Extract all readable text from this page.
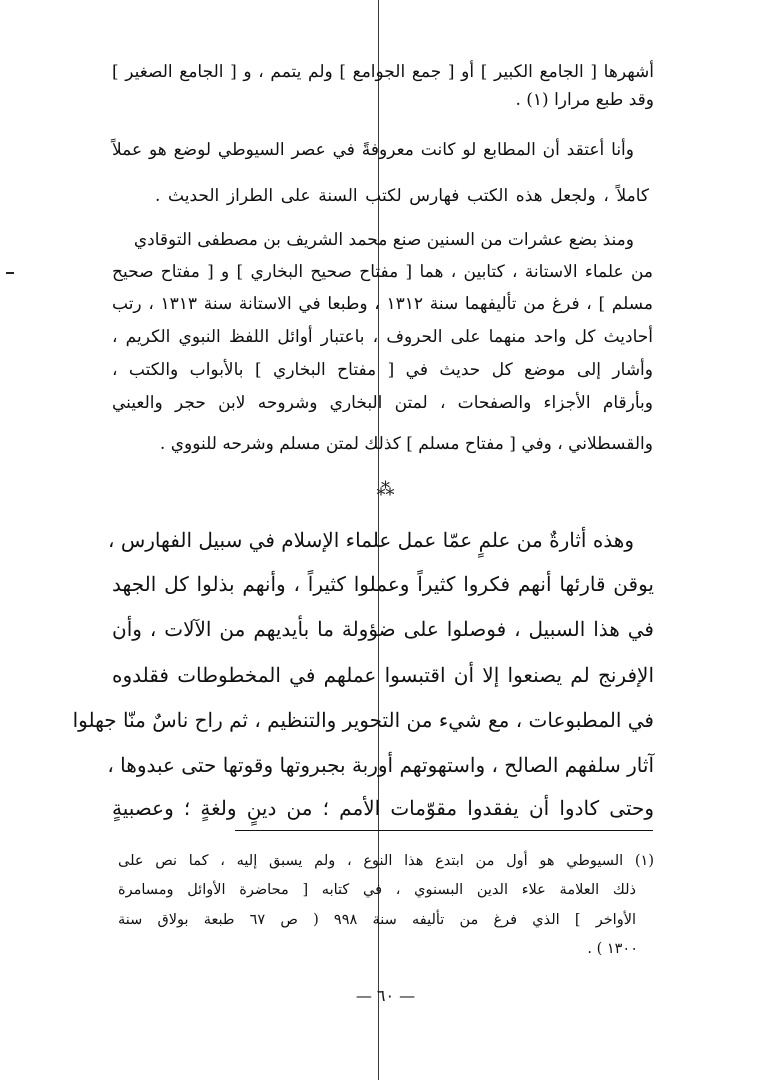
أشهرها [ الجامع الكبير ] أو [ جمع الجوامع ] ولم يتمم ، و [ الجامع الصغير ]
وقد طبع مرارا (١) .
وأنا أعتقد أن المطابع لو كانت معروفةً في عصر السيوطي لوضع هو عملاً
كاملاً ، ولجعل هذه الكتب فهارس لكتب السنة على الطراز الحديث .
ومنذ بضع عشرات من السنين صنع محمد الشريف بن مصطفى التوقادي
من علماء الاستانة ، كتابين ، هما [ مفتاح صحيح البخاري ] و [ مفتاح صحيح
مسلم ] ، فرغ من تأليفهما سنة ١٣١٢ ، وطبعا في الاستانة سنة ١٣١٣ ، رتب
أحاديث كل واحد منهما على الحروف ، باعتبار أوائل اللفظ النبوي الكريم ،
وأشار إلى موضع كل حديث في [ مفتاح البخاري ] بالأبواب والكتب ،
وبأرقام الأجزاء والصفحات ، لمتن البخاري وشروحه لابن حجر والعيني
والقسطلاني ، وفي [ مفتاح مسلم ] كذلك لمتن مسلم وشرحه للنووي .
⁂
وهذه أثارةٌ من علمٍ عمّا عمل علماء الإسلام في سبيل الفهارس ،
يوقن قارئها أنهم فكروا كثيراً وعملوا كثيراً ، وأنهم بذلوا كل الجهد
في هذا السبيل ، فوصلوا على ضؤولة ما بأيديهم من الآلات ، وأن
الإفرنج لم يصنعوا إلا أن اقتبسوا عملهم في المخطوطات فقلدوه
في المطبوعات ، مع شيء من التحوير والتنظيم ، ثم راح ناسٌ منّا جهلوا
آثار سلفهم الصالح ، واستهوتهم أوربة بجبروتها وقوتها حتى عبدوها ،
وحتى كادوا أن يفقدوا مقوّمات الأمم ؛ من دينٍ ولغةٍ ؛ وعصبيةٍ
(١) السيوطي هو أول من ابتدع هذا النوع ، ولم يسبق إليه ، كما نص على
ذلك العلامة علاء الدين البسنوي ، في كتابه [ محاضرة الأوائل ومسامرة
الأواخر ] الذي فرغ من تأليفه سنة ٩٩٨ ( ص ٦٧ طبعة بولاق سنة
١٣٠٠ ) .
— ٦٠ —
